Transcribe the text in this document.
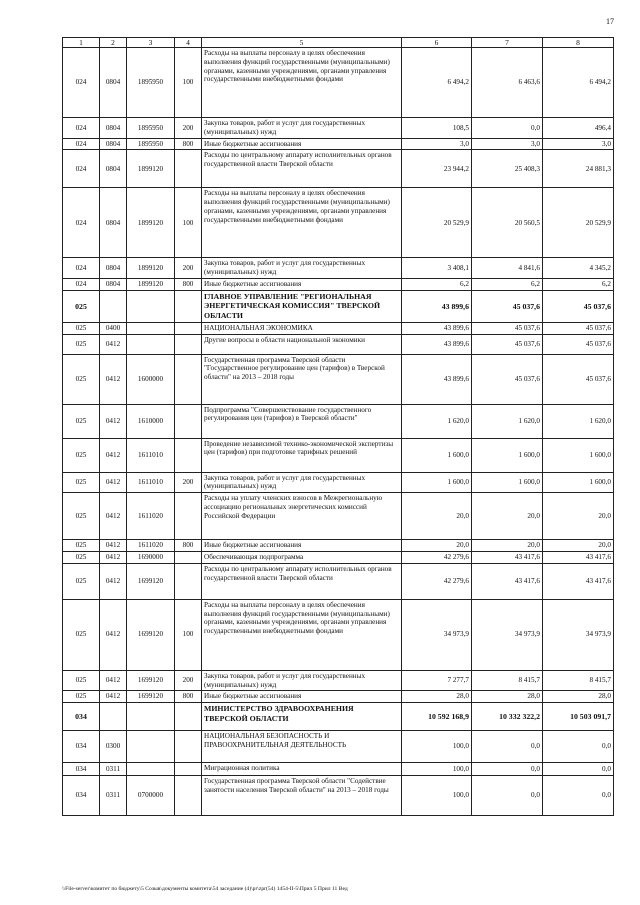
17
1	2	3	4	5	6	7	8
024	0804	1895950	100	Расходы на выплаты персоналу в целях обеспечения выполнения функций государственными (муниципальными) органами, казенными учреждениями, органами управления государственными внебюджетными фондами	6 494,2	6 463,6	6 494,2
024	0804	1895950	200	Закупка товаров, работ и услуг для государственных (муниципальных) нужд	108,5	0,0	496,4
024	0804	1895950	800	Иные бюджетные ассигнования	3,0	3,0	3,0
024	0804	1899120		Расходы по центральному аппарату исполнительных органов государственной власти Тверской области	23 944,2	25 408,3	24 881,3
024	0804	1899120	100	Расходы на выплаты персоналу в целях обеспечения выполнения функций государственными (муниципальными) органами, казенными учреждениями, органами управления государственными внебюджетными фондами	20 529,9	20 560,5	20 529,9
024	0804	1899120	200	Закупка товаров, работ и услуг для государственных (муниципальных) нужд	3 408,1	4 841,6	4 345,2
024	0804	1899120	800	Иные бюджетные ассигнования	6,2	6,2	6,2
025				ГЛАВНОЕ УПРАВЛЕНИЕ "РЕГИОНАЛЬНАЯ ЭНЕРГЕТИЧЕСКАЯ КОМИССИЯ" ТВЕРСКОЙ ОБЛАСТИ	43 899,6	45 037,6	45 037,6
025	0400			НАЦИОНАЛЬНАЯ ЭКОНОМИКА	43 899,6	45 037,6	45 037,6
025	0412			Другие вопросы в области национальной экономики	43 899,6	45 037,6	45 037,6
025	0412	1600000		Государственная программа Тверской области "Государственное регулирование цен (тарифов) в Тверской области" на 2013 – 2018 годы	43 899,6	45 037,6	45 037,6
025	0412	1610000		Подпрограмма "Совершенствование государственного регулирования цен (тарифов) в Тверской области"	1 620,0	1 620,0	1 620,0
025	0412	1611010		Проведение независимой технико-экономической экспертизы цен (тарифов) при подготовке тарифных решений	1 600,0	1 600,0	1 600,0
025	0412	1611010	200	Закупка товаров, работ и услуг для государственных (муниципальных) нужд	1 600,0	1 600,0	1 600,0
025	0412	1611020		Расходы на уплату членских взносов в Межрегиональную ассоциацию региональных энергетических комиссий Российской Федерации	20,0	20,0	20,0
025	0412	1611020	800	Иные бюджетные ассигнования	20,0	20,0	20,0
025	0412	1690000		Обеспечивающая подпрограмма	42 279,6	43 417,6	43 417,6
025	0412	1699120		Расходы по центральному аппарату исполнительных органов государственной власти Тверской области	42 279,6	43 417,6	43 417,6
025	0412	1699120	100	Расходы на выплаты персоналу в целях обеспечения выполнения функций государственными (муниципальными) органами, казенными учреждениями, органами управления государственными внебюджетными фондами	34 973,9	34 973,9	34 973,9
025	0412	1699120	200	Закупка товаров, работ и услуг для государственных (муниципальных) нужд	7 277,7	8 415,7	8 415,7
025	0412	1699120	800	Иные бюджетные ассигнования	28,0	28,0	28,0
034				МИНИСТЕРСТВО ЗДРАВООХРАНЕНИЯ ТВЕРСКОЙ ОБЛАСТИ	10 592 168,9	10 332 322,2	10 503 091,7
034	0300			НАЦИОНАЛЬНАЯ БЕЗОПАСНОСТЬ И ПРАВООХРАНИТЕЛЬНАЯ ДЕЯТЕЛЬНОСТЬ	100,0	0,0	0,0
034	0311			Миграционная политика	100,0	0,0	0,0
034	0311	0700000		Государственная программа Тверской области "Содействие занятости населения Тверской области" на 2013 – 2018 годы	100,0	0,0	0,0
\\File-server\комитет по бюджету\5 Созыв\документы комитета\54 заседание (4)\pr\zpr(54) 1454-II-5\Прил 5 Прил 11 Вед
